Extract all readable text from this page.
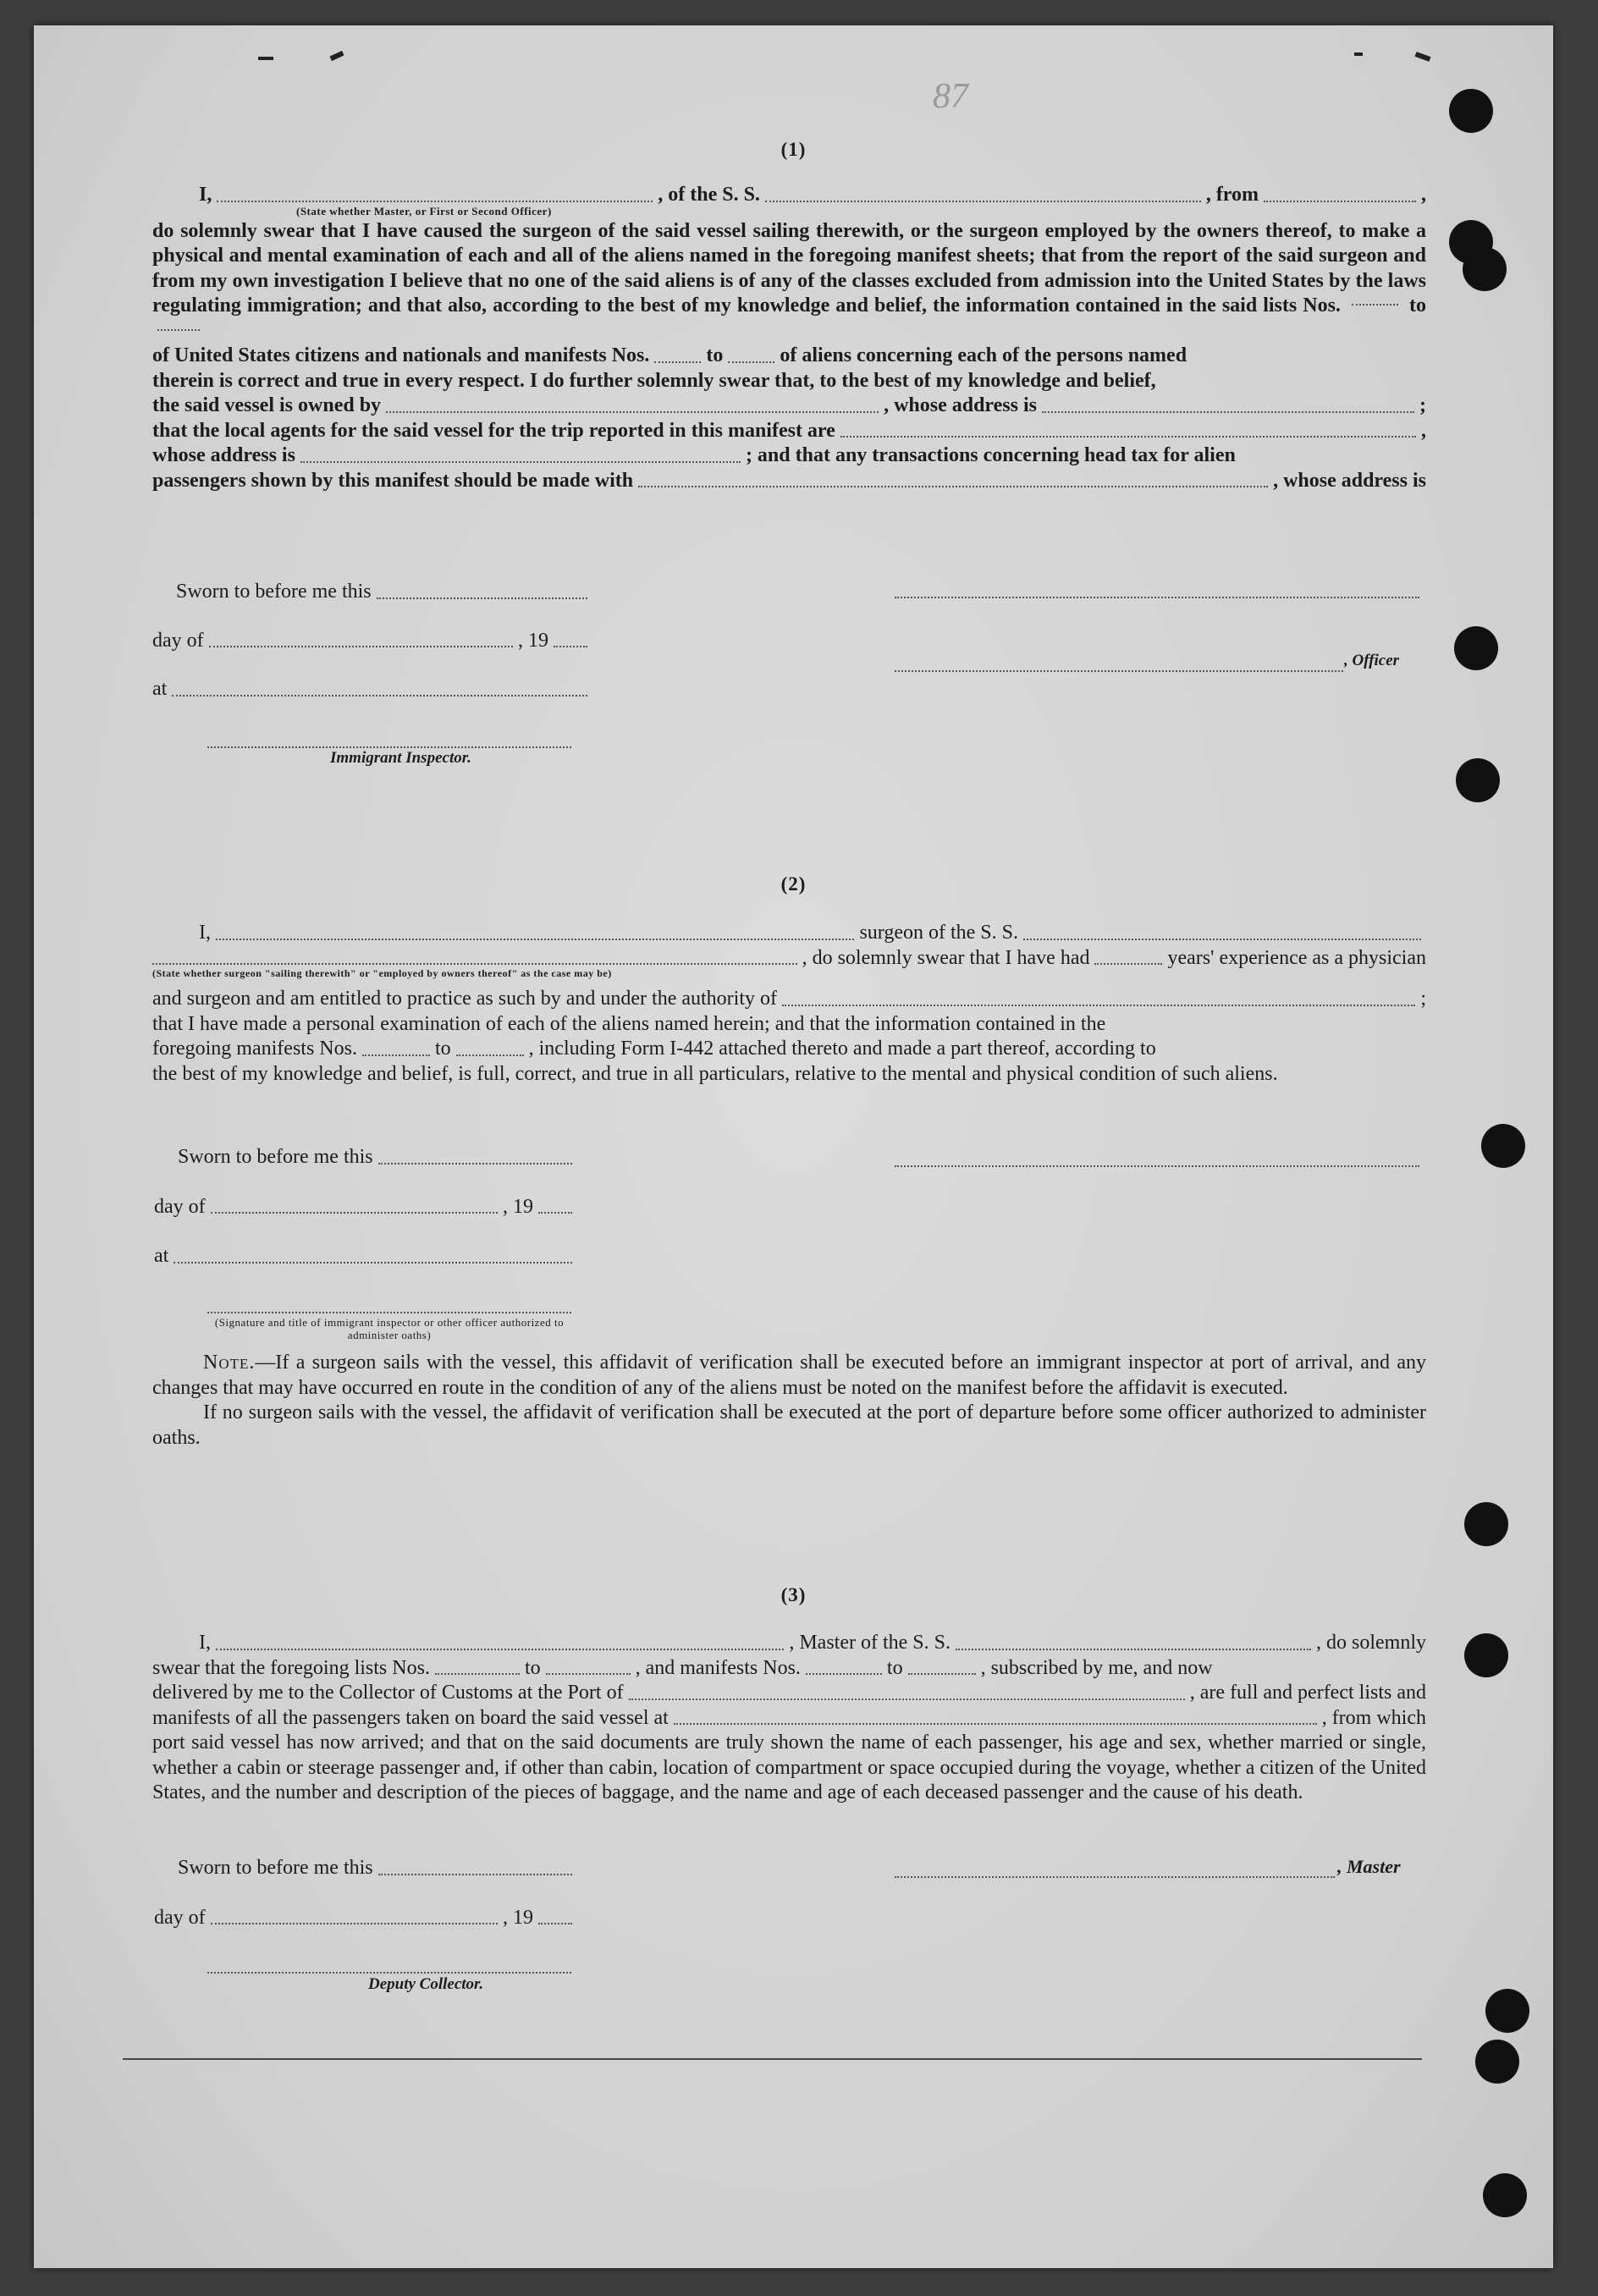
87
(1)
I,	, of the S. S.	, from	,
(State whether Master, or First or Second Officer)
do solemnly swear that I have caused the surgeon of the said vessel sailing therewith, or the surgeon employed by the owners thereof, to make a physical and mental examination of each and all of the aliens named in the foregoing manifest sheets; that from the report of the said surgeon and from my own investigation I believe that no one of the said aliens is of any of the classes excluded from admission into the United States by the laws regulating immigration; and that also, according to the best of my knowledge and belief, the information contained in the said lists Nos.	to
of United States citizens and nationals and manifests Nos.	to	of aliens concerning each of the persons named
therein is correct and true in every respect. I do further solemnly swear that, to the best of my knowledge and belief,
the said vessel is owned by	, whose address is	;
that the local agents for the said vessel for the trip reported in this manifest are	,
whose address is	; and that any transactions concerning head tax for alien
passengers shown by this manifest should be made with	, whose address is
Sworn to before me this
day of	, 19
at
, Officer
Immigrant Inspector.
(2)
I,	surgeon of the S. S.
, do solemnly swear that I have had	years' experience as a physician
(State whether surgeon "sailing therewith" or "employed by owners thereof" as the case may be)
and surgeon and am entitled to practice as such by and under the authority of	;
that I have made a personal examination of each of the aliens named herein; and that the information contained in the
foregoing manifests Nos.	to	, including Form I-442 attached thereto and made a part thereof, according to
the best of my knowledge and belief, is full, correct, and true in all particulars, relative to the mental and physical condition of such aliens.
Sworn to before me this
day of	, 19
at
(Signature and title of immigrant inspector or other officer authorized to administer oaths)
Note.—If a surgeon sails with the vessel, this affidavit of verification shall be executed before an immigrant inspector at port of arrival, and any changes that may have occurred en route in the condition of any of the aliens must be noted on the manifest before the affidavit is executed.
If no surgeon sails with the vessel, the affidavit of verification shall be executed at the port of departure before some officer authorized to administer oaths.
(3)
I,	, Master of the S. S.	, do solemnly
swear that the foregoing lists Nos.	to	, and manifests Nos.	to	, subscribed by me, and now
delivered by me to the Collector of Customs at the Port of	, are full and perfect lists and
manifests of all the passengers taken on board the said vessel at	, from which
port said vessel has now arrived; and that on the said documents are truly shown the name of each passenger, his age and sex, whether married or single, whether a cabin or steerage passenger and, if other than cabin, location of compartment or space occupied during the voyage, whether a citizen of the United States, and the number and description of the pieces of baggage, and the name and age of each deceased passenger and the cause of his death.
Sworn to before me this
day of	, 19
, Master
Deputy Collector.
